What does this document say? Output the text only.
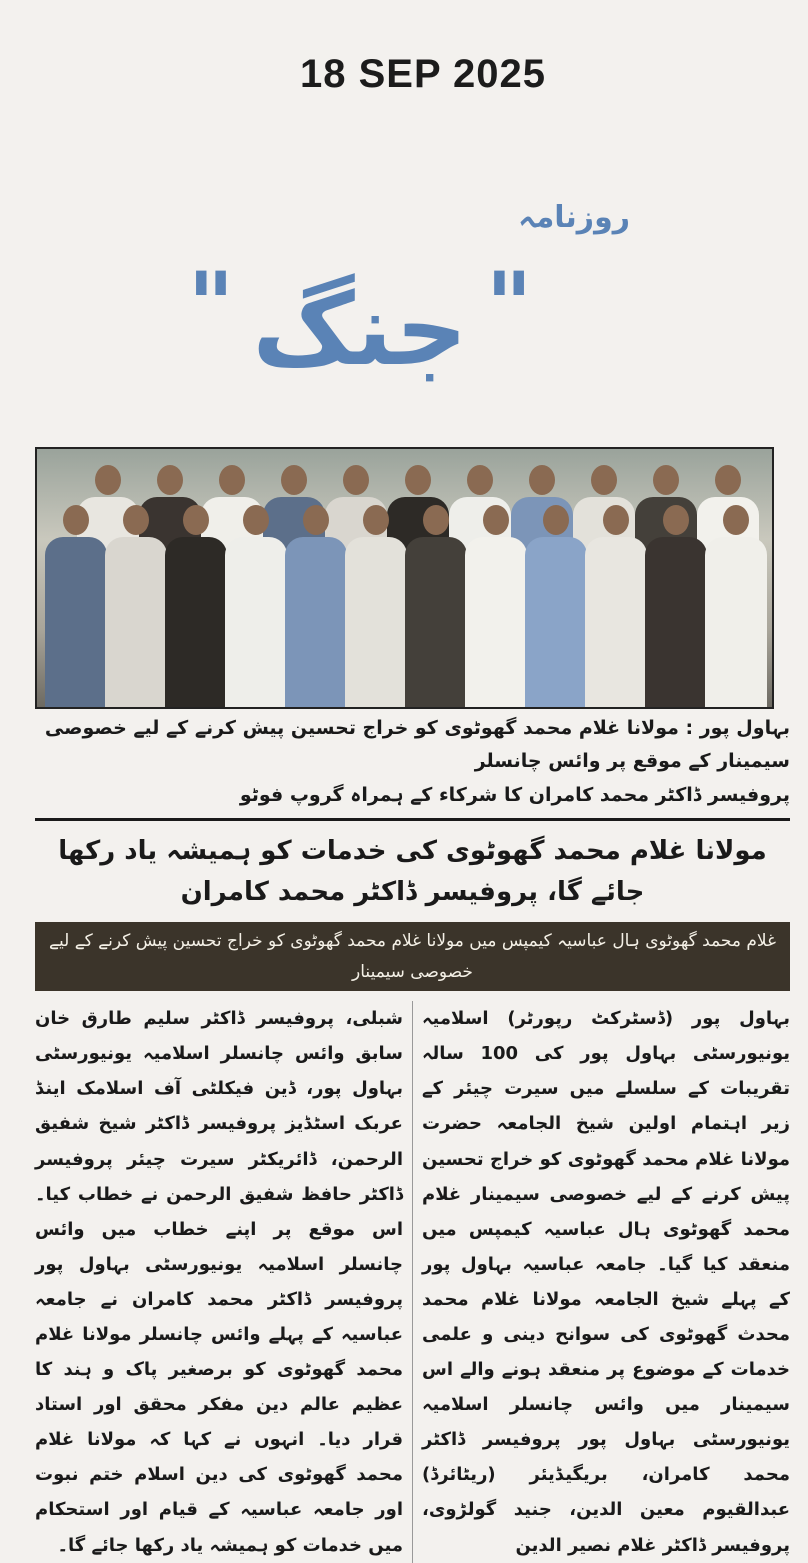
18 SEP 2025
روزنامہ
" جنگ "

بہاول پور : مولانا غلام محمد گھوٹوی کو خراج تحسین پیش کرنے کے لیے خصوصی سیمینار کے موقع پر وائس چانسلر

پروفیسر ڈاکٹر محمد کامران کا شرکاء کے ہمراہ گروپ فوٹو

مولانا غلام محمد گھوٹوی کی خدمات کو ہمیشہ یاد رکھا جائے گا، پروفیسر ڈاکٹر محمد کامران
غلام محمد گھوٹوی ہال عباسیہ کیمپس میں مولانا غلام محمد گھوٹوی کو خراج تحسین پیش کرنے کے لیے خصوصی سیمینار
بہاول پور (ڈسٹرکٹ رپورٹر) اسلامیہیونیورسٹی بہاول پور کی 100 سالہ تقریبات کےسلسلے میں سیرت چیئر کے زیر اہتمام اولین شیخالجامعہ حضرت مولانا غلام محمد گھوٹوی کو خراج تحسینپیش کرنے کے لیے خصوصی سیمینار غلام محمد گھوٹویہال عباسیہ کیمپس میں منعقد کیا گیا۔ جامعہ عباسیہبہاول پور کے پہلے شیخ الجامعہ مولانا غلام محمد محدثگھوٹوی کی سوانح دینی و علمی خدمات کے موضوعپر منعقد ہونے والے اس سیمینار میں وائس چانسلراسلامیہ یونیورسٹی بہاول پور پروفیسر ڈاکٹر محمدکامران، بریگیڈیئر (ریٹائرڈ) عبدالقیوم معینالدین، جنید گولڑوی، پروفیسر ڈاکٹر غلام نصیر الدین
شبلی، پروفیسر ڈاکٹر سلیم طارق خان سابق وائسچانسلر اسلامیہ یونیورسٹی بہاول پور، ڈین فیکلٹیآف اسلامک اینڈ عربک اسٹڈیز پروفیسر ڈاکٹر شیخشفیق الرحمن، ڈائریکٹر سیرت چیئر پروفیسر ڈاکٹرحافظ شفیق الرحمن نے خطاب کیا۔ اس موقع پر اپنےخطاب میں وائس چانسلر اسلامیہ یونیورسٹی بہاولپور پروفیسر ڈاکٹر محمد کامران نے جامعہ عباسیہ کےپہلے وائس چانسلر مولانا غلام محمد گھوٹوی کو برصغیرپاک و ہند کا عظیم عالم دین مفکر محقق اور استاد قراردیا۔ انہوں نے کہا کہ مولانا غلام محمد گھوٹوی کی دیناسلام ختم نبوت اور جامعہ عباسیہ کے قیام اوراستحکام میں خدمات کو ہمیشہ یاد رکھا جائے گا۔
